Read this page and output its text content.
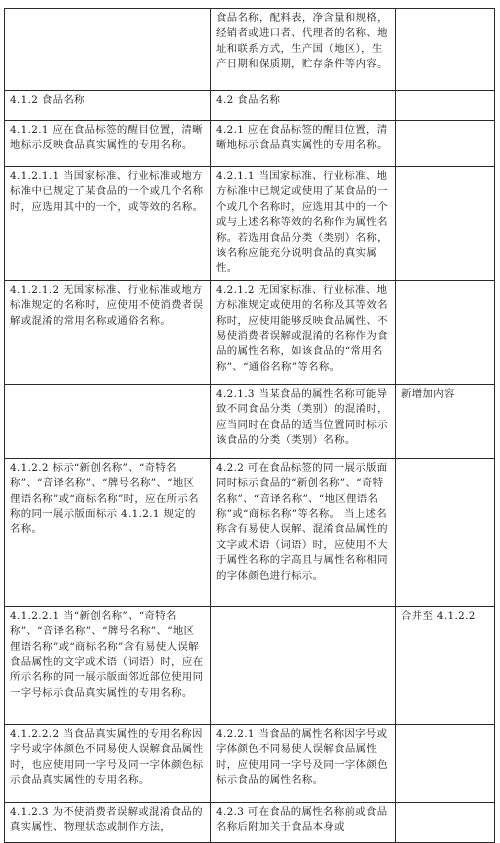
	食品名称，配料表，净含量和规格，经销者或进口者、代理者的名称、地址和联系方式，生产国（地区），生产日期和保质期，贮存条件等内容。	
4.1.2 食品名称	4.2 食品名称	
4.1.2.1 应在食品标签的醒目位置，清晰地标示反映食品真实属性的专用名称。	4.2.1 应在食品标签的醒目位置，清晰地标示食品真实属性的专用名称。	
4.1.2.1.1 当国家标准、行业标准或地方标准中已规定了某食品的一个或几个名称时，应选用其中的一个，或等效的名称。	4.2.1.1 当国家标准、行业标准、地方标准中已规定或使用了某食品的一个或几个名称时，应选用其中的一个或与上述名称等效的名称作为属性名称。若选用食品分类（类别）名称，该名称应能充分说明食品的真实属性。	
4.1.2.1.2 无国家标准、行业标准或地方标准规定的名称时，应使用不使消费者误解或混淆的常用名称或通俗名称。	4.2.1.2 无国家标准、行业标准、地方标准规定或使用的名称及其等效名称时，应使用能够反映食品属性、不易使消费者误解或混淆的名称作为食品的属性名称，如该食品的“常用名称”、“通俗名称”等名称。	
	4.2.1.3 当某食品的属性名称可能导致不同食品分类（类别）的混淆时，应当同时在食品的适当位置同时标示该食品的分类（类别）名称。	新增加内容
4.1.2.2 标示“新创名称”、“奇特名称”、“音译名称”、“牌号名称”、“地区俚语名称”或“商标名称”时，应在所示名称的同一展示版面标示 4.1.2.1 规定的名称。	4.2.2 可在食品标签的同一展示版面同时标示食品的“新创名称”、“奇特名称”、“音译名称”、“地区俚语名称”或“商标名称”等名称。 当上述名称含有易使人误解、混淆食品属性的文字或术语（词语）时，应使用不大于属性名称的字高且与属性名称相同的字体颜色进行标示。	
4.1.2.2.1 当“新创名称”、“奇特名称”、“音译名称”、“牌号名称”、“地区俚语名称”或“商标名称”含有易使人误解食品属性的文字或术语（词语）时，应在所示名称的同一展示版面邻近部位使用同一字号标示食品真实属性的专用名称。		合并至 4.1.2.2
4.1.2.2.2 当食品真实属性的专用名称因字号或字体颜色不同易使人误解食品属性时，也应使用同一字号及同一字体颜色标示食品真实属性的专用名称。	4.2.2.1 当食品的属性名称因字号或字体颜色不同易使人误解食品属性时，应使用同一字号及同一字体颜色标示食品的属性名称。	
4.1.2.3 为不使消费者误解或混淆食品的真实属性、物理状态或制作方法，	4.2.3 可在食品的属性名称前或食品名称后附加关于食品本身或	
